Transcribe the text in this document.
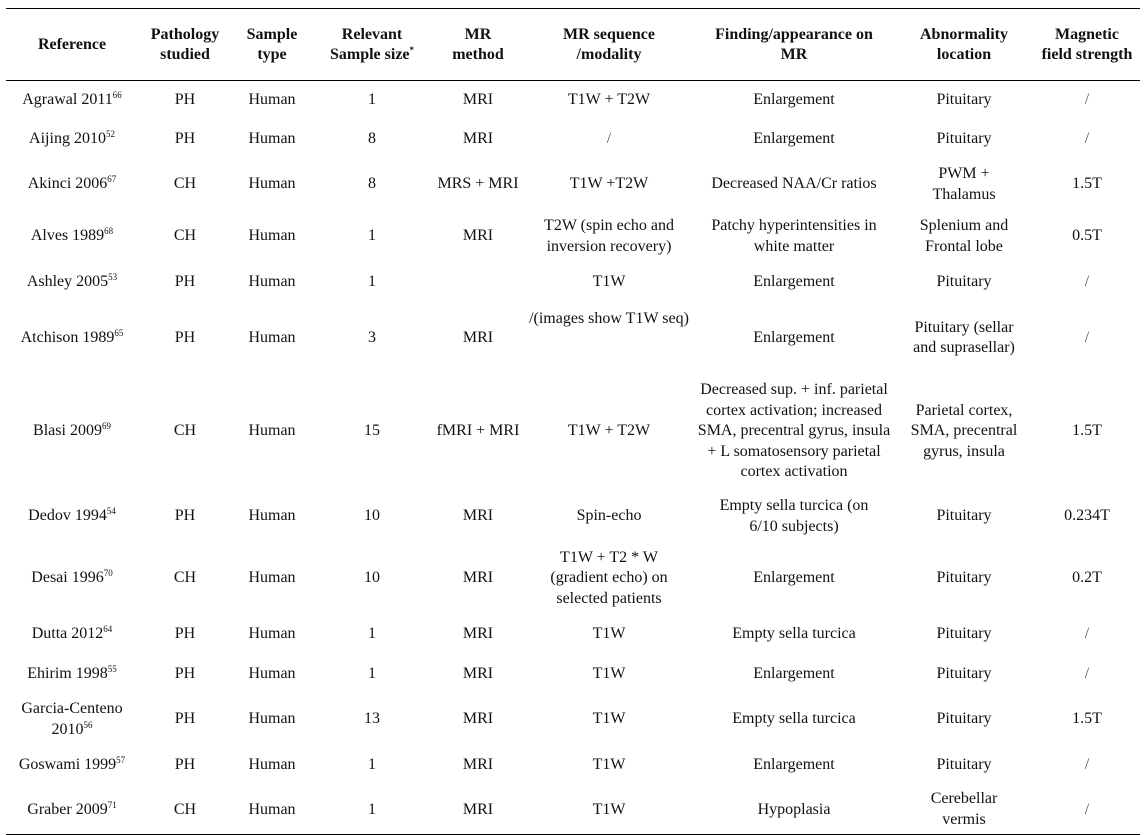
Reference	Pathology studied	Sample type	Relevant Sample size*	MR method	MR sequence /modality	Finding/appearance on MR	Abnormality location	Magnetic field strength
Agrawal 2011$^{66}$	PH	Human	1	MRI	T1W + T2W	Enlargement	Pituitary	/
Aijing 2010$^{52}$	PH	Human	8	MRI	/	Enlargement	Pituitary	/
Akinci 2006$^{67}$	CH	Human	8	MRS + MRI	T1W +T2W	Decreased NAA/Cr ratios	PWM + Thalamus	1.5T
Alves 1989$^{68}$	CH	Human	1	MRI	T2W (spin echo and inversion recovery)	Patchy hyperintensities in white matter	Splenium and Frontal lobe	0.5T
Ashley 2005$^{53}$	PH	Human	1		T1W	Enlargement	Pituitary	/
Atchison 1989$^{65}$	PH	Human	3	MRI	/(images show T1W seq)	Enlargement	Pituitary (sellar and suprasellar)	/
Blasi 2009$^{69}$	CH	Human	15	fMRI + MRI	T1W + T2W	Decreased sup. + inf. parietal cortex activation; increased SMA, precentral gyrus, insula + L somatosensory parietal cortex activation	Parietal cortex, SMA, precentral gyrus, insula	1.5T
Dedov 1994$^{54}$	PH	Human	10	MRI	Spin-echo	Empty sella turcica (on 6/10 subjects)	Pituitary	0.234T
Desai 1996$^{70}$	CH	Human	10	MRI	T1W + T2 * W (gradient echo) on selected patients	Enlargement	Pituitary	0.2T
Dutta 2012$^{64}$	PH	Human	1	MRI	T1W	Empty sella turcica	Pituitary	/
Ehirim 1998$^{55}$	PH	Human	1	MRI	T1W	Enlargement	Pituitary	/
Garcia-Centeno 2010$^{56}$	PH	Human	13	MRI	T1W	Empty sella turcica	Pituitary	1.5T
Goswami 1999$^{57}$	PH	Human	1	MRI	T1W	Enlargement	Pituitary	/
Graber 2009$^{71}$	CH	Human	1	MRI	T1W	Hypoplasia	Cerebellar vermis	/
